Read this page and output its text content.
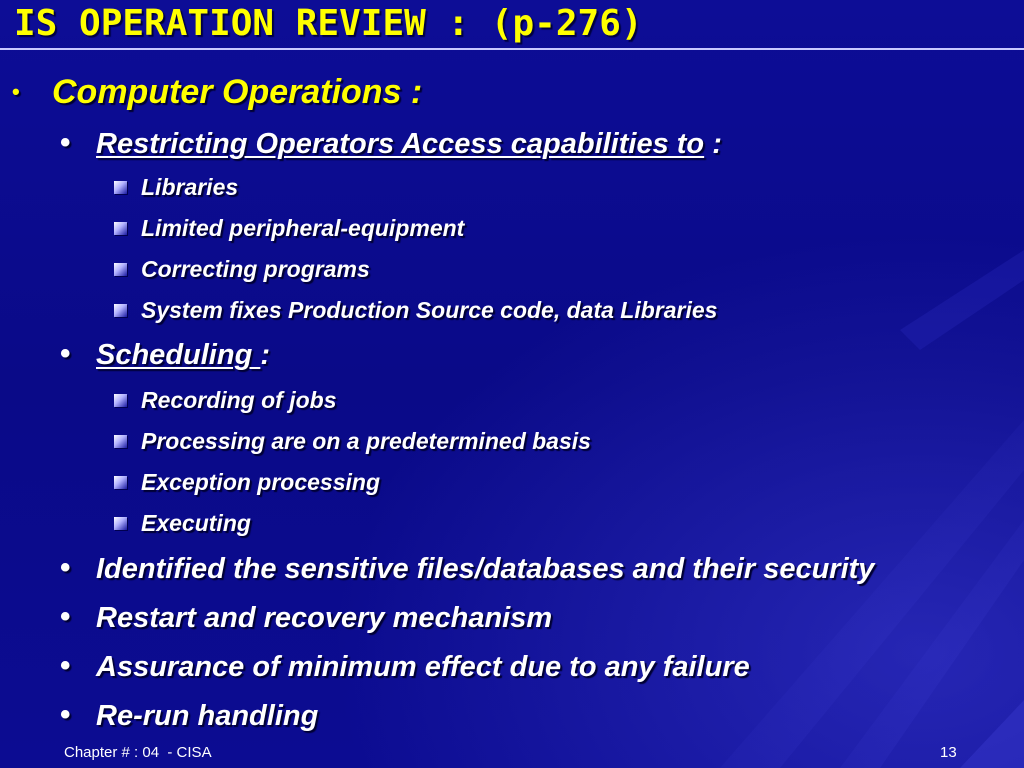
IS OPERATION REVIEW : (p-276)
• Computer Operations :
• Restricting Operators Access capabilities to :
Libraries
Limited peripheral-equipment
Correcting programs
System fixes Production Source code, data Libraries
• Scheduling :
Recording of jobs
Processing are on a predetermined basis
Exception processing
Executing
• Identified the sensitive files/databases and their security
• Restart and recovery mechanism
• Assurance of minimum effect due to any failure
• Re-run handling
Chapter # : 04  - CISA	13
